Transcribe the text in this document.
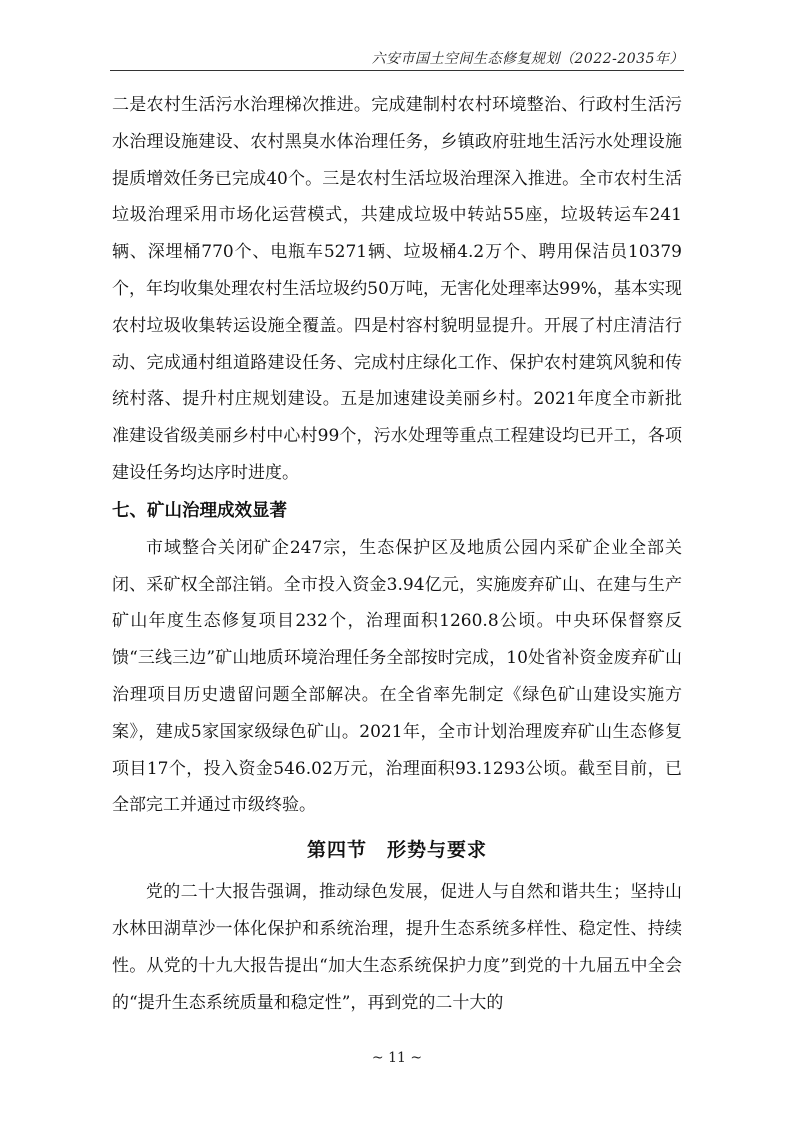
六安市国土空间生态修复规划（2022-2035年）

二是农村生活污水治理梯次推进。完成建制村农村环境整治、行政村生活污水治理设施建设、农村黑臭水体治理任务，乡镇政府驻地生活污水处理设施提质增效任务已完成40个。三是农村生活垃圾治理深入推进。全市农村生活垃圾治理采用市场化运营模式，共建成垃圾中转站55座，垃圾转运车241辆、深埋桶770个、电瓶车5271辆、垃圾桶4.2万个、聘用保洁员10379个，年均收集处理农村生活垃圾约50万吨，无害化处理率达99%，基本实现农村垃圾收集转运设施全覆盖。四是村容村貌明显提升。开展了村庄清洁行动、完成通村组道路建设任务、完成村庄绿化工作、保护农村建筑风貌和传统村落、提升村庄规划建设。五是加速建设美丽乡村。2021年度全市新批准建设省级美丽乡村中心村99个，污水处理等重点工程建设均已开工，各项建设任务均达序时进度。

七、矿山治理成效显著

市域整合关闭矿企247宗，生态保护区及地质公园内采矿企业全部关闭、采矿权全部注销。全市投入资金3.94亿元，实施废弃矿山、在建与生产矿山年度生态修复项目232个，治理面积1260.8公顷。中央环保督察反馈“三线三边”矿山地质环境治理任务全部按时完成，10处省补资金废弃矿山治理项目历史遗留问题全部解决。在全省率先制定《绿色矿山建设实施方案》，建成5家国家级绿色矿山。2021年，全市计划治理废弃矿山生态修复项目17个，投入资金546.02万元，治理面积93.1293公顷。截至目前，已全部完工并通过市级终验。

第四节　形势与要求

党的二十大报告强调，推动绿色发展，促进人与自然和谐共生；坚持山水林田湖草沙一体化保护和系统治理，提升生态系统多样性、稳定性、持续性。从党的十九大报告提出“加大生态系统保护力度”到党的十九届五中全会的“提升生态系统质量和稳定性”，再到党的二十大的

~ 11 ~
